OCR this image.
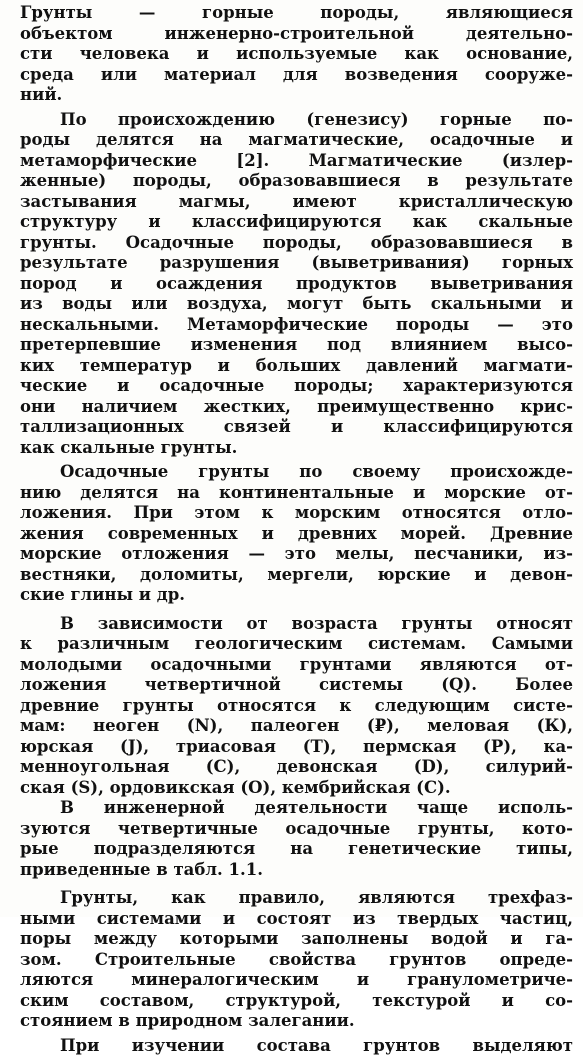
Грунты — горные породы, являющиеся
объектом инженерно-строительной деятельно-
сти человека и используемые как основание,
среда или материал для возведения сооруже-
ний.
По происхождению (генезису) горные по-
роды делятся на магматические, осадочные и
метаморфические [2]. Магматические (излер-
женные) породы, образовавшиеся в результате
застывания магмы, имеют кристаллическую
структуру и классифицируются как скальные
грунты. Осадочные породы, образовавшиеся в
результате разрушения (выветривания) горных
пород и осаждения продуктов выветривания
из воды или воздуха, могут быть скальными и
нескальными. Метаморфические породы — это
претерпевшие изменения под влиянием высо-
ких температур и больших давлений магмати-
ческие и осадочные породы; характеризуются
они наличием жестких, преимущественно крис-
таллизационных связей и классифицируются
как скальные грунты.
Осадочные грунты по своему происхожде-
нию делятся на континентальные и морские от-
ложения. При этом к морским относятся отло-
жения современных и древних морей. Древние
морские отложения — это мелы, песчаники, из-
вестняки, доломиты, мергели, юрские и девон-
ские глины и др.
В зависимости от возраста грунты относят
к различным геологическим системам. Самыми
молодыми осадочными грунтами являются от-
ложения четвертичной системы (Q). Более
древние грунты относятся к следующим систе-
мам: неоген (N), палеоген (₽), меловая (К),
юрская (J), триасовая (Т), пермская (Р), ка-
менноугольная (С), девонская (D), силурий-
ская (S), ордовикская (О), кембрийская (С).
В инженерной деятельности чаще исполь-
зуются четвертичные осадочные грунты, кото-
рые подразделяются на генетические типы,
приведенные в табл. 1.1.
Грунты, как правило, являются трехфаз-
ными системами и состоят из твердых частиц,
поры между которыми заполнены водой и га-
зом. Строительные свойства грунтов опреде-
ляются минералогическим и гранулометриче-
ским составом, структурой, текстурой и со-
стоянием в природном залегании.
При изучении состава грунтов выделяют
